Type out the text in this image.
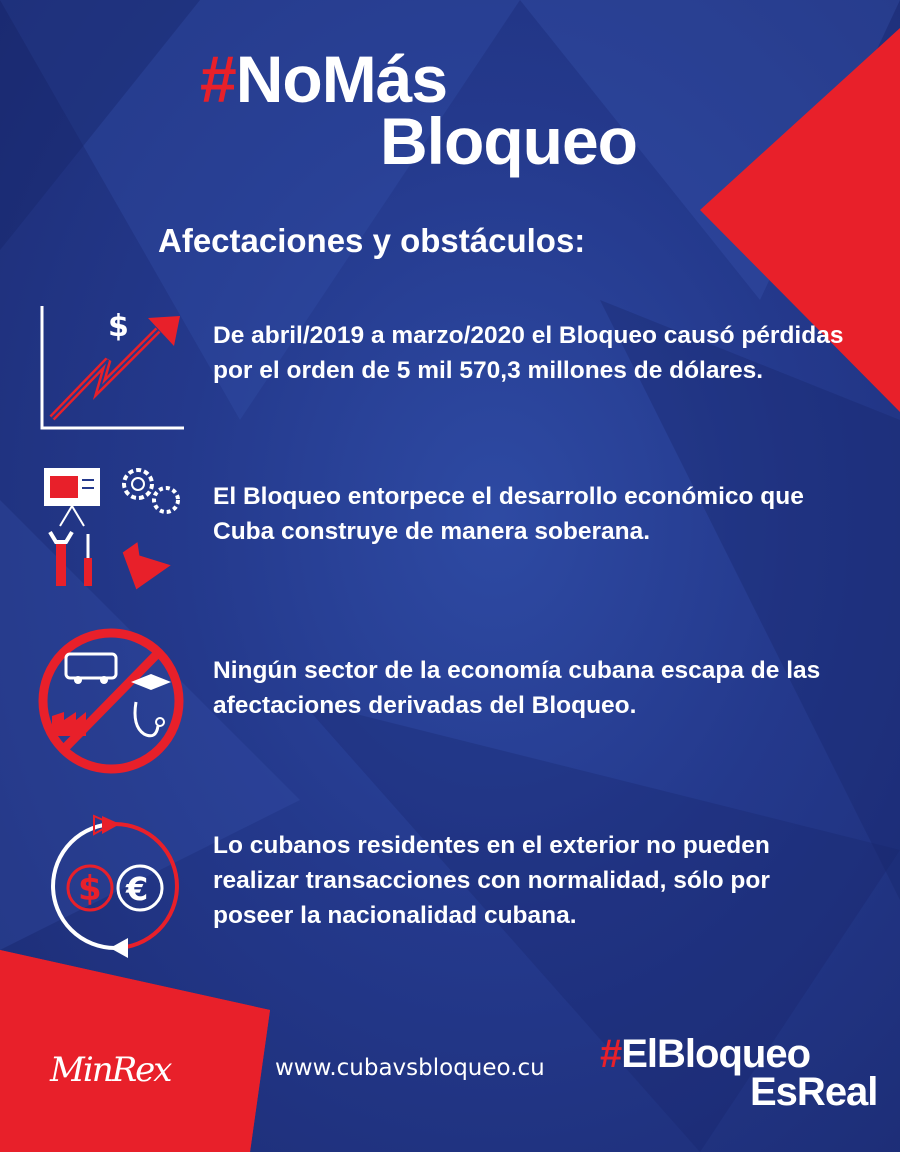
#NoMás
Bloqueo
Afectaciones y obstáculos:
$	De abril/2019 a marzo/2020 el Bloqueo causó pérdidas por el orden de 5 mil 570,3 millones de dólares.
El Bloqueo entorpece el desarrollo económico que Cuba construye de manera soberana.
Ningún sector de la economía cubana escapa de las afectaciones derivadas del Bloqueo.
$ €
Lo cubanos residentes en el exterior no pueden realizar transacciones con normalidad, sólo por poseer la nacionalidad cubana.
MinRex	www.cubavsbloqueo.cu #ElBloqueo
EsReal
